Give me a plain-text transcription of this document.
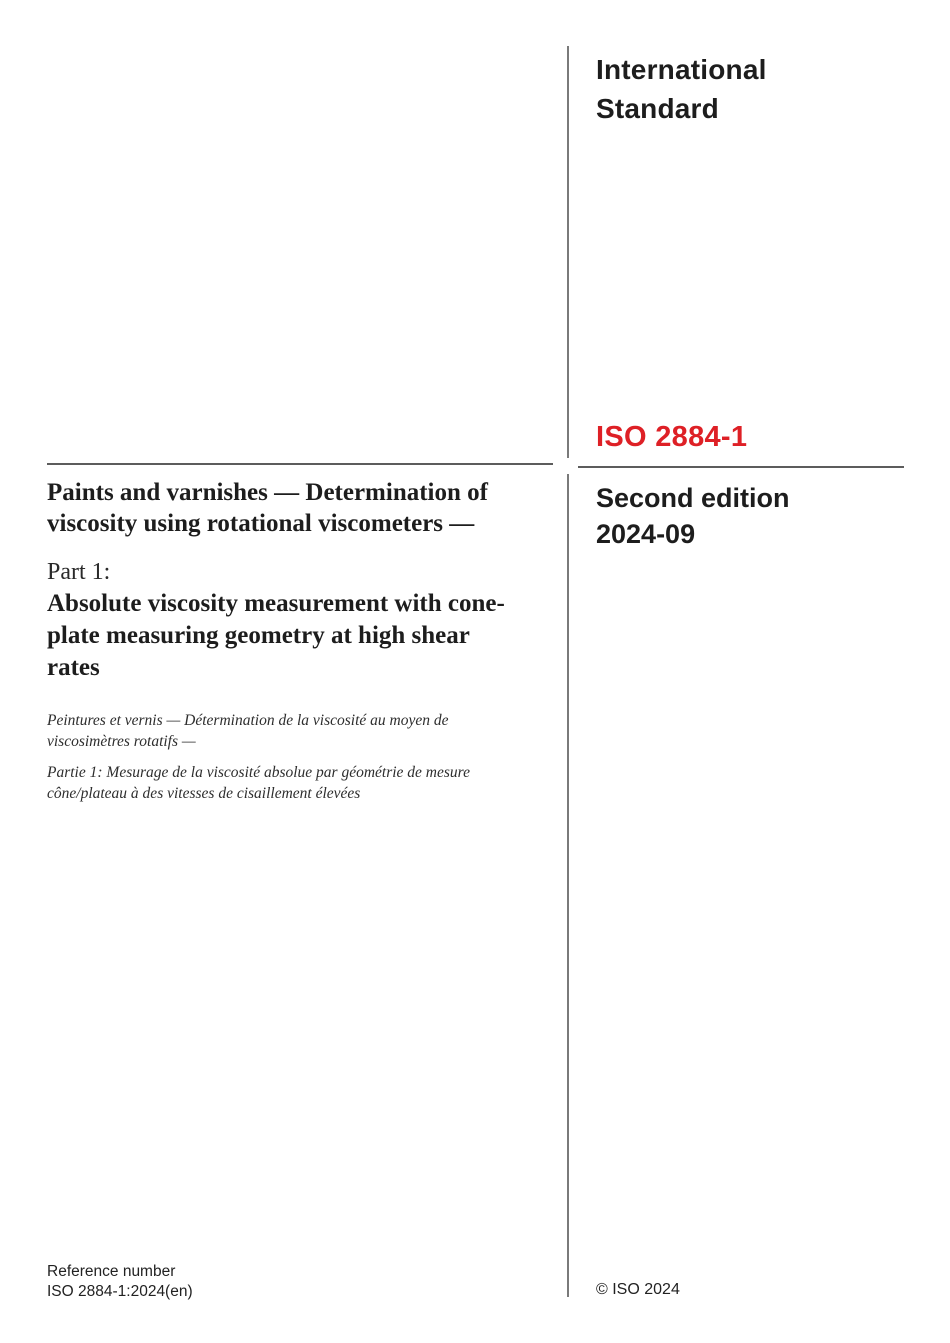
International Standard
ISO 2884-1
Second edition
2024-09
Paints and varnishes — Determination of viscosity using rotational viscometers —
Part 1:
Absolute viscosity measurement with cone-plate measuring geometry at high shear rates
Peintures et vernis — Détermination de la viscosité au moyen de viscosimètres rotatifs —
Partie 1: Mesurage de la viscosité absolue par géométrie de mesure cône/plateau à des vitesses de cisaillement élevées
Reference number
ISO 2884-1:2024(en)	© ISO 2024
